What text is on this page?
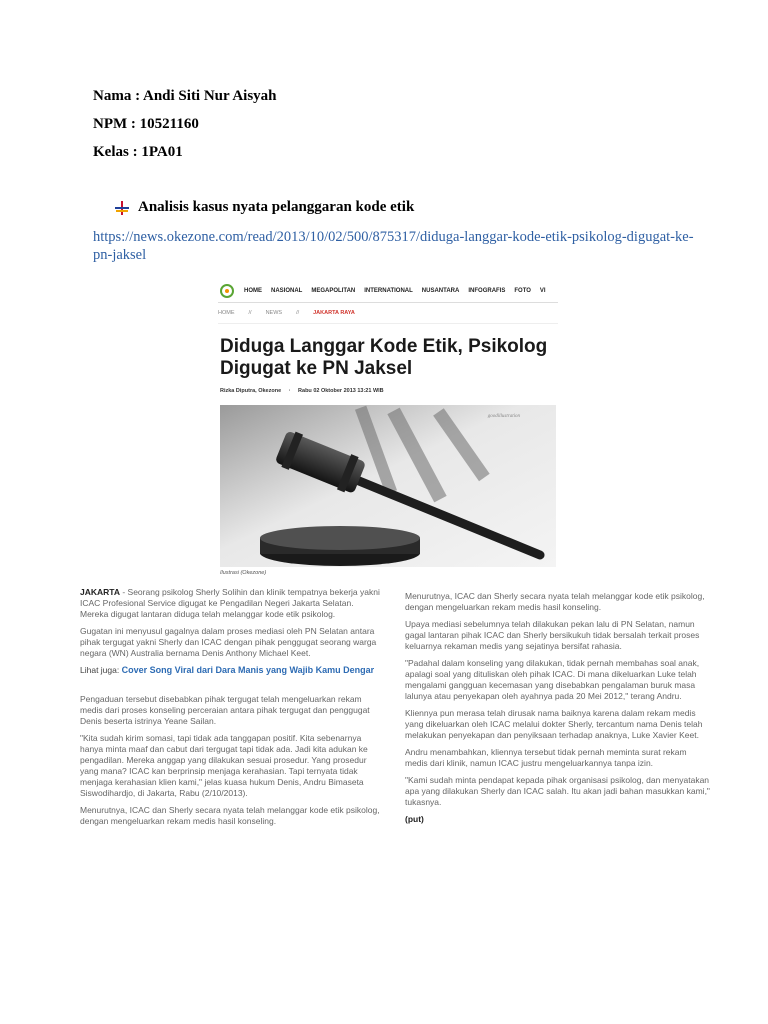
Nama : Andi Siti Nur Aisyah
NPM : 10521160
Kelas : 1PA01
Analisis kasus nyata pelanggaran kode etik
https://news.okezone.com/read/2013/10/02/500/875317/diduga-langgar-kode-etik-psikolog-digugat-ke-pn-jaksel
HOME NASIONAL MEGAPOLITAN INTERNATIONAL NUSANTARA INFOGRAFIS FOTO VI
HOME	//	NEWS	//	JAKARTA RAYA
Diduga Langgar Kode Etik, Psikolog Digugat ke PN Jaksel
Rizka Diputra, Okezone · Rabu 02 Oktober 2013 13:21 WIB
goodillustration
Ilustrasi (Okezone)

JAKARTA - Seorang psikolog Sherly Solihin dan klinik tempatnya bekerja yakni ICAC Profesional Service digugat ke Pengadilan Negeri Jakarta Selatan. Mereka digugat lantaran diduga telah melanggar kode etik psikolog.

Gugatan ini menyusul gagalnya dalam proses mediasi oleh PN Selatan antara pihak tergugat yakni Sherly dan ICAC dengan pihak penggugat seorang warga negara (WN) Australia bernama Denis Anthony Michael Keet.

Lihat juga: Cover Song Viral dari Dara Manis yang Wajib Kamu Dengar

Pengaduan tersebut disebabkan pihak tergugat telah mengeluarkan rekam medis dari proses konseling perceraian antara pihak tergugat dan penggugat Denis beserta istrinya Yeane Sailan.

"Kita sudah kirim somasi, tapi tidak ada tanggapan positif. Kita sebenarnya hanya minta maaf dan cabut dari tergugat tapi tidak ada. Jadi kita adukan ke pengadilan. Mereka anggap yang dilakukan sesuai prosedur. Yang prosedur yang mana? ICAC kan berprinsip menjaga kerahasian. Tapi ternyata tidak menjaga kerahasian klien kami," jelas kuasa hukum Denis, Andru Bimaseta Siswodihardjo, di Jakarta, Rabu (2/10/2013).

Menurutnya, ICAC dan Sherly secara nyata telah melanggar kode etik psikolog, dengan mengeluarkan rekam medis hasil konseling.

Menurutnya, ICAC dan Sherly secara nyata telah melanggar kode etik psikolog, dengan mengeluarkan rekam medis hasil konseling.

Upaya mediasi sebelumnya telah dilakukan pekan lalu di PN Selatan, namun gagal lantaran pihak ICAC dan Sherly bersikukuh tidak bersalah terkait proses keluarnya rekaman medis yang sejatinya bersifat rahasia.

"Padahal dalam konseling yang dilakukan, tidak pernah membahas soal anak, apalagi soal yang dituliskan oleh pihak ICAC. Di mana dikeluarkan Luke telah mengalami gangguan kecemasan yang disebabkan pengalaman buruk masa lalunya atau penyekapan oleh ayahnya pada 20 Mei 2012," terang Andru.

Kliennya pun merasa telah dirusak nama baiknya karena dalam rekam medis yang dikeluarkan oleh ICAC melalui dokter Sherly, tercantum nama Denis telah melakukan penyekapan dan penyiksaan terhadap anaknya, Luke Xavier Keet.

Andru menambahkan, kliennya tersebut tidak pernah meminta surat rekam medis dari klinik, namun ICAC justru mengeluarkannya tanpa izin.

"Kami sudah minta pendapat kepada pihak organisasi psikolog, dan menyatakan apa yang dilakukan Sherly dan ICAC salah. Itu akan jadi bahan masukkan kami," tukasnya.

(put)
